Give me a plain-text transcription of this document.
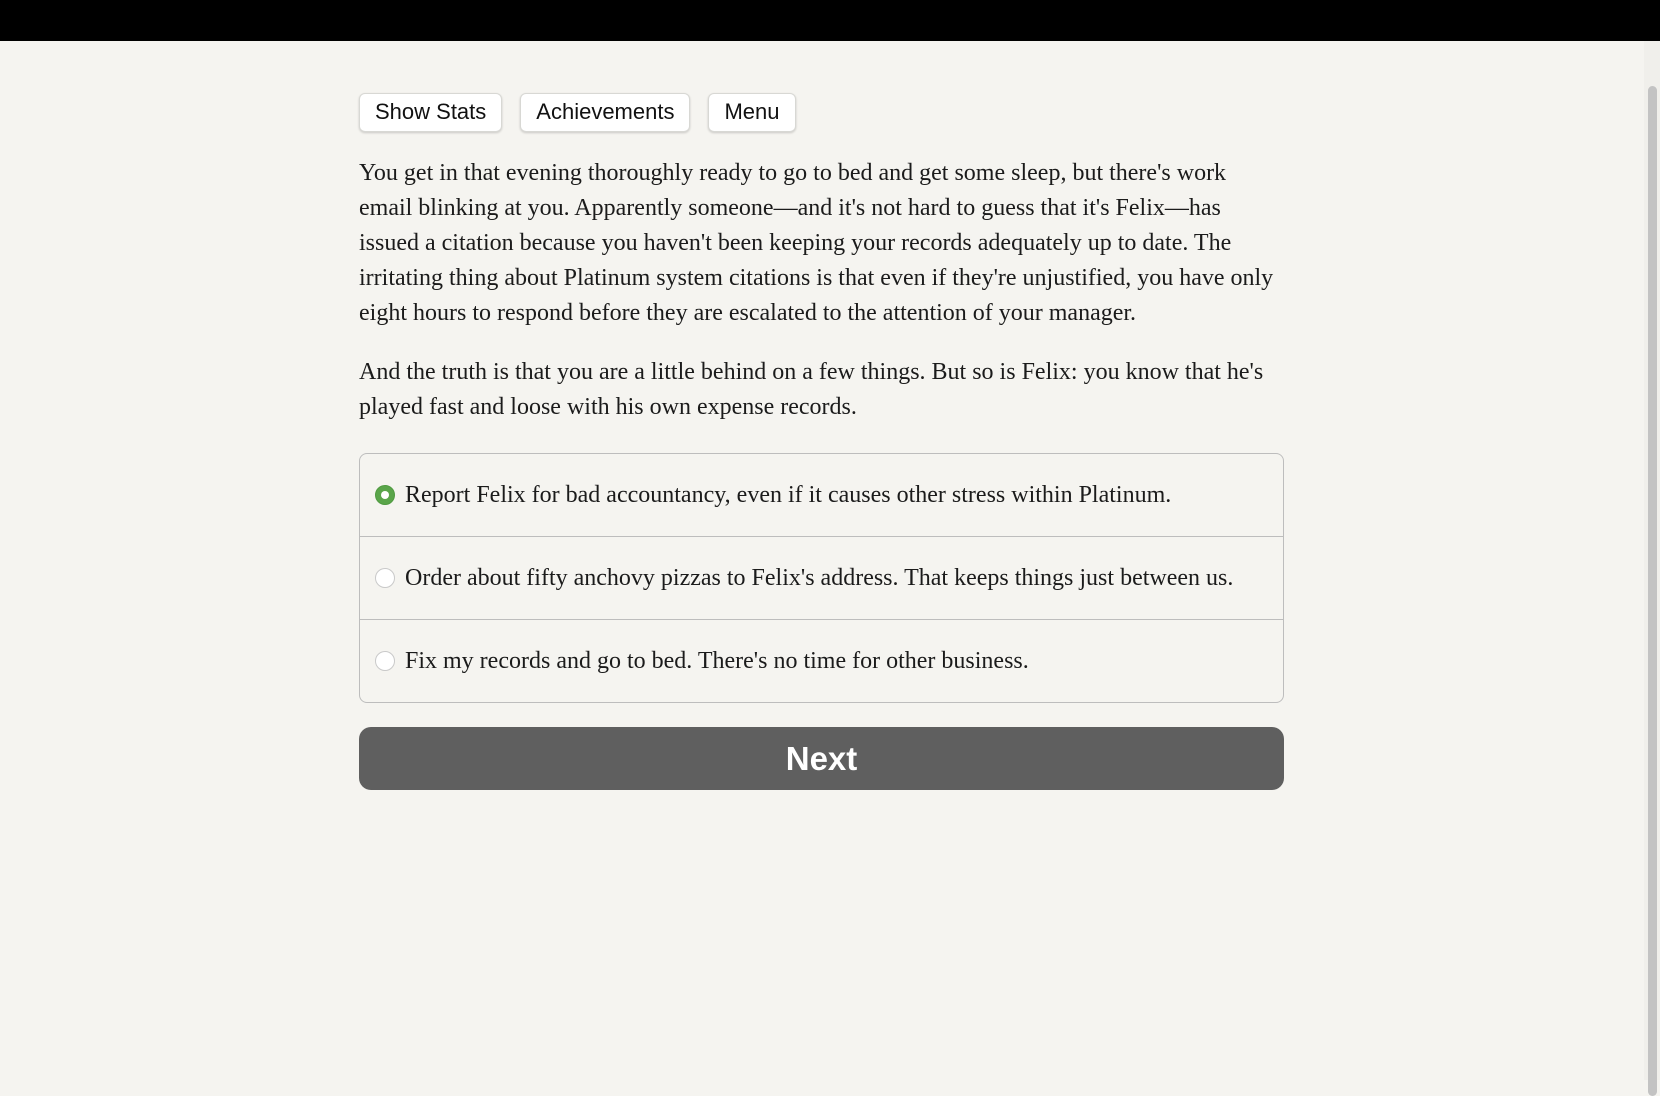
Show Stats	Achievements	Menu

You get in that evening thoroughly ready to go to bed and get some sleep, but there's work email blinking at you. Apparently someone—and it's not hard to guess that it's Felix—has issued a citation because you haven't been keeping your records adequately up to date. The irritating thing about Platinum system citations is that even if they're unjustified, you have only eight hours to respond before they are escalated to the attention of your manager.

And the truth is that you are a little behind on a few things. But so is Felix: you know that he's played fast and loose with his own expense records.

Report Felix for bad accountancy, even if it causes other stress within Platinum.
Order about fifty anchovy pizzas to Felix's address. That keeps things just between us.
Fix my records and go to bed. There's no time for other business.
Next
